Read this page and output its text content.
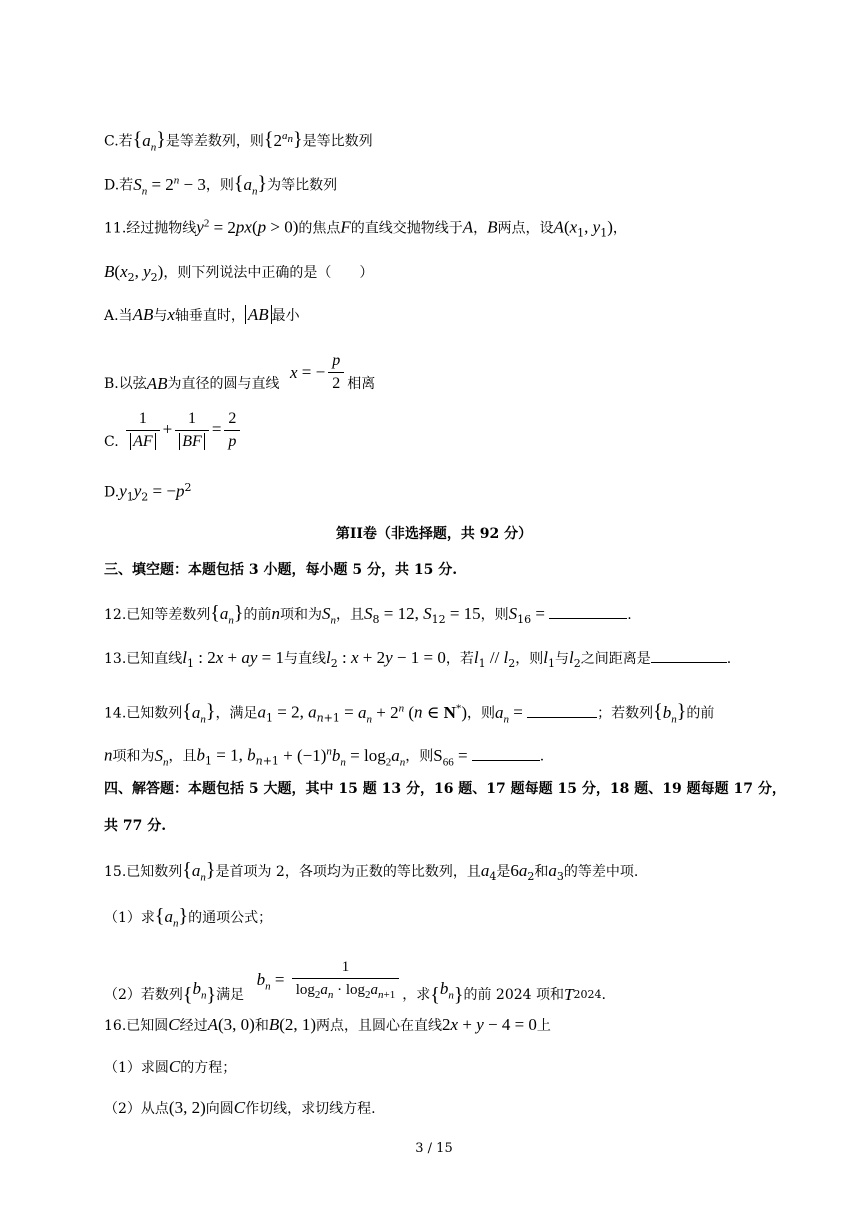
C.若$\{a_n\}$是等差数列，则$\{2^{a_n}\}$是等比数列
D.若$S_n = 2^n - 3$，则$\{a_n\}$为等比数列
11.经过抛物线$y^2 = 2px(p > 0)$的焦点F的直线交抛物线于A，B两点，设$A(x_1$, $y_1$)，
$B(x_2$, $y_2$)，则下列说法中正确的是（　　）
A.当AB与x轴垂直时， AB 最小
B.以弦AB为直径的圆与直线 x = − $\frac{p}{2}$ 相离
C. $\frac{1}{AF} + \frac{1}{BF} = \frac{2}{p}$
$D.y_1y_2 = -p^2$
第II卷（非选择题，共 92 分）
三、填空题：本题包括 3 小题，每小题 5 分，共 15 分.
12.已知等差数列$\{a_n\}$的前n项和为$S_n$，且$S_8 = 12$, $S_{12} = 15$，则$S_{16}$ =	.
13.已知直线$l_1$ : 2x + ay = 1与直线$l_2$ : x + 2y − 1 = 0，若$l_1 // l_2$，则$l_1$与$l_2$之间距离是	.
14.已知数列$\{a_n\}$，满足$a_1 = 2$, $a_{n+1} = a_n + 2^n$ (n ∈ N*)，则$a_n$ =	；若数列$\{b_n\}$的前
n项和为$S_n$，且$b_1 = 1$, $b_{n+1} + (-1)^nb_n = \log_2a_n$，则$S_{66}$ =	.
四、解答题：本题包括 5 大题，其中 15 题 13 分，16 题、17 题每题 15 分，18 题、19 题每题 17 分，
共 77 分.
15.已知数列$\{a_n\}$是首项为 2，各项均为正数的等比数列，且$a_4$是$6a_2$和$a_3$的等差中项.
（1）求$\{a_n\}$的通项公式；
（2）若数列$\{b_n\}$满足 $b_n = \frac{1}{\log_2a_n \cdot \log_2a_{n+1}}$ ，求$\{b_n\}$的前 2024 项和T2024.
16.已知圆C经过A(3, 0)和B(2, 1)两点，且圆心在直线2x + y − 4 = 0上
（1）求圆C的方程；
（2）从点(3, 2)向圆C作切线，求切线方程.
3 / 15
